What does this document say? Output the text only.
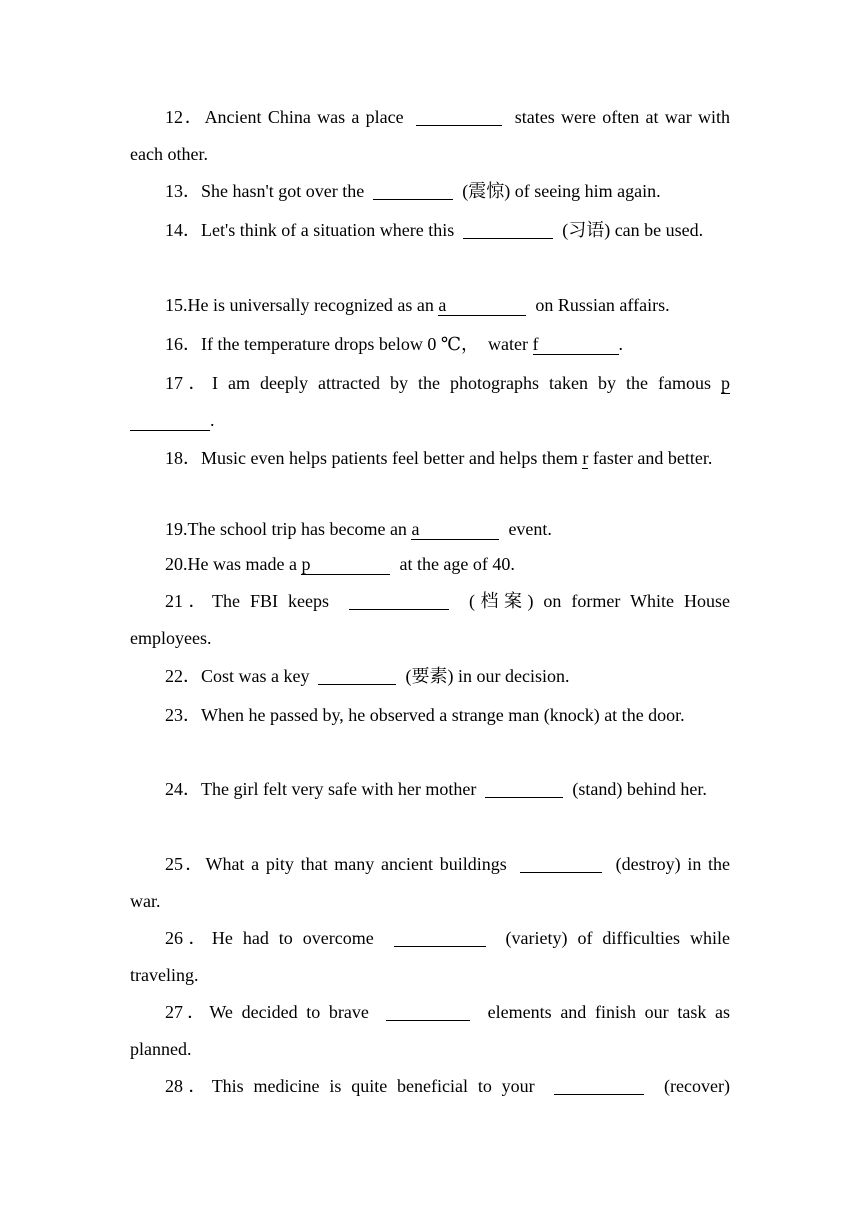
12．Ancient China was a place	states were often at war with each other.

13．She hasn't got over the	(震惊) of seeing him again.

14．Let's think of a situation where this	(习语) can be used.

15.He is universally recognized as an a	on Russian affairs.

16．If the temperature drops below 0 ℃，  water f	.

17．I am deeply attracted by the photographs taken by the famous p.

18．Music even helps patients feel better and helps them r faster and better.

19.The school trip has become an a	event.

20.He was made a p	at the age of 40.

21．The FBI keeps	(档案) on former White House employees.

22．Cost was a key	(要素) in our decision.

23．When he passed by, he observed a strange man (knock) at the door.

24．The girl felt very safe with her mother	(stand) behind her.

25．What a pity that many ancient buildings	(destroy) in the war.

26．He had to overcome	(variety) of difficulties while traveling.

27．We decided to brave	elements and finish our task as planned.

28．This medicine is quite beneficial to your	(recover)
